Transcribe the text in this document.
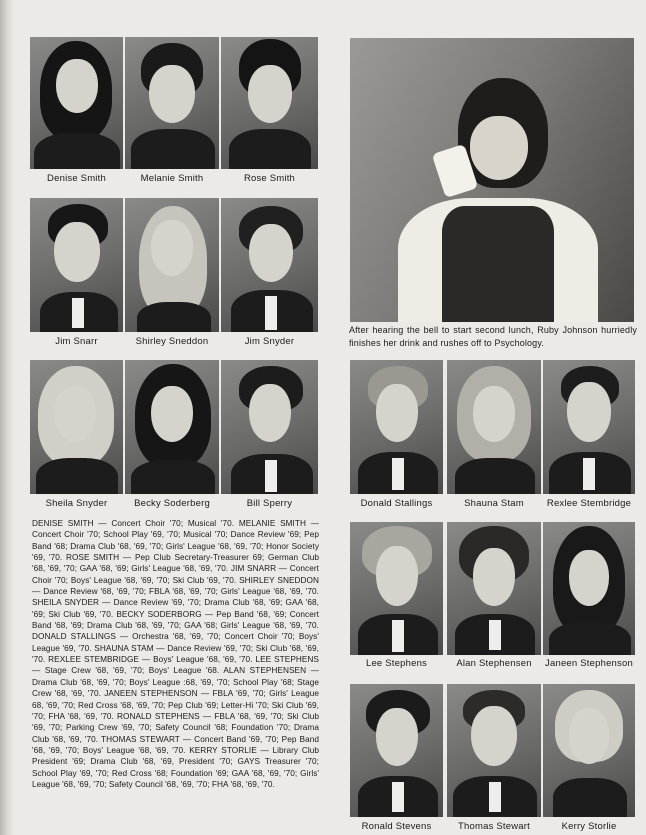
Denise Smith	Melanie Smith	Rose Smith
Jim Snarr	Shirley Sneddon	Jim Snyder
Sheila Snyder	Becky Soderberg	Bill Sperry
After hearing the bell to start second lunch, Ruby Johnson hurriedly finishes her drink and rushes off to Psychology.
Donald Stallings	Shauna Stam	Rexlee Stembridge
Lee Stephens	Alan Stephensen	Janeen Stephenson
Ronald Stevens	Thomas Stewart	Kerry Storlie
DENISE SMITH — Concert Choir '70; Musical '70. MELANIE SMITH — Concert Choir '70; School Play '69, '70; Musical '70; Dance Review '69; Pep Band '68; Drama Club '68, '69, '70; Girls' League '68, '69, '70; Honor Society '69, '70. ROSE SMITH — Pep Club Secretary-Treasurer 69; German Club '68, '69, '70; GAA '68, '69; Girls' League '68, '69, '70. JIM SNARR — Concert Choir '70; Boys' League '68, '69, '70; Ski Club '69, '70. SHIRLEY SNEDDON — Dance Review '68, '69, '70; FBLA '68, '69, '70; Girls' League '68, '69, '70. SHEILA SNYDER — Dance Review '69, '70; Drama Club '68, '69; GAA '68, '69; Ski Club '69, '70. BECKY SODERBORG — Pep Band '68, '69; Concert Band '68, '69; Drama Club '68, '69, '70; GAA '68; Girls' League '68, '69, '70. DONALD STALLINGS — Orchestra '68, '69, '70; Concert Choir '70; Boys' League '69, '70. SHAUNA STAM — Dance Review '69, '70; Ski Club '68, '69, '70. REXLEE STEMBRIDGE — Boys' League '68, '69, '70. LEE STEPHENS — Stage Crew '68, '69, '70; Boys' League '68. ALAN STEPHENSEN — Drama Club '68, '69, '70; Boys' League :68, '69, '70; School Play '68; Stage Crew '68, '69, '70. JANEEN STEPHENSON — FBLA '69, '70; Girls' League 68, '69, '70; Red Cross '68, '69, '70; Pep Club '69; Letter-Hi '70; Ski Club '69, '70; FHA '68, '69, '70. RONALD STEPHENS — FBLA '68, '69, '70; Ski Club '69, '70; Parking Crew '69, '70; Safety Council '68; Foundation '70; Drama Club '68, '69, '70. THOMAS STEWART — Concert Band '69, '70; Pep Band '68, '69, '70; Boys' League '68, '69, '70. KERRY STORLIE — Library Club President '69; Drama Club '68, '69, President '70; GAYS Treasurer '70; School Play '69, '70; Red Cross '68; Foundation '69; GAA '68, '69, '70; Girls' League '68, '69, '70; Safety Council '68, '69, '70; FHA '68, '69, '70.
